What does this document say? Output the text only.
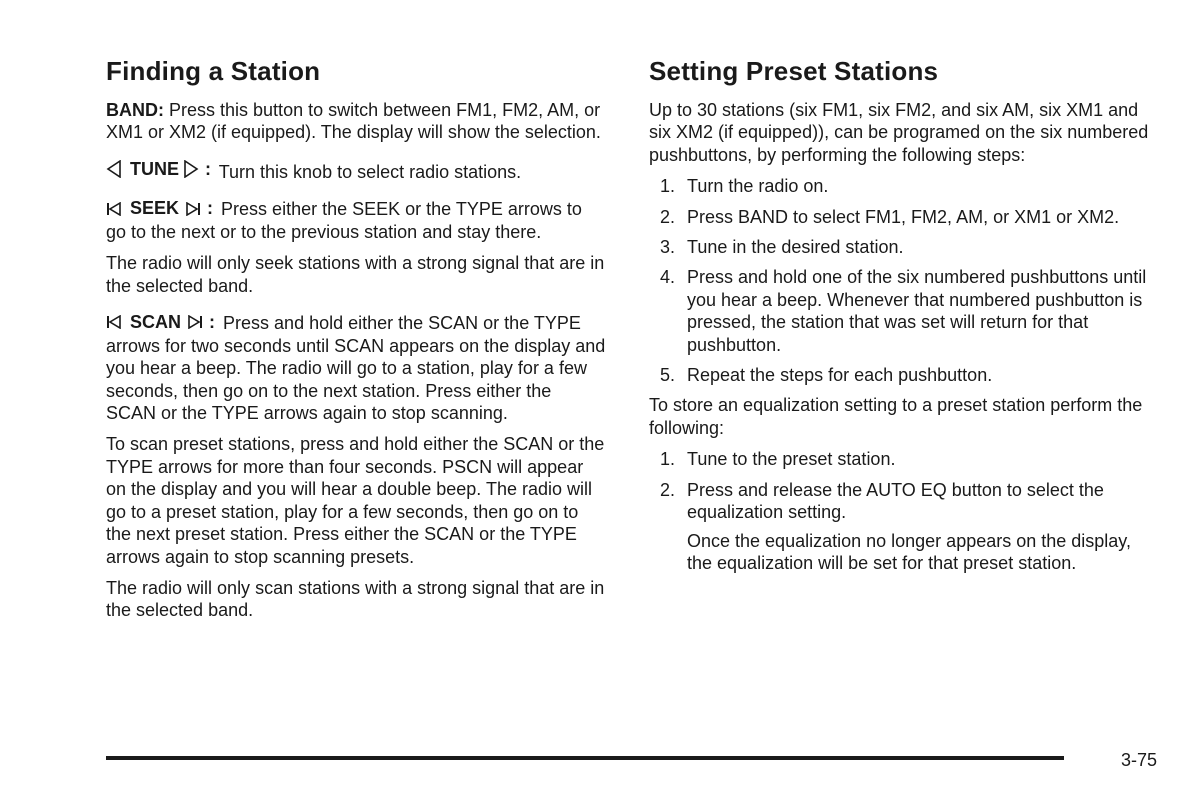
Finding a Station

BAND: Press this button to switch between FM1, FM2, AM, or XM1 or XM2 (if equipped). The display will show the selection.

TUNE : Turn this knob to select radio stations.

SEEK : Press either the SEEK or the TYPE arrows to go to the next or to the previous station and stay there.

The radio will only seek stations with a strong signal that are in the selected band.

SCAN : Press and hold either the SCAN or the TYPE arrows for two seconds until SCAN appears on the display and you hear a beep. The radio will go to a station, play for a few seconds, then go on to the next station. Press either the SCAN or the TYPE arrows again to stop scanning.

To scan preset stations, press and hold either the SCAN or the TYPE arrows for more than four seconds. PSCN will appear on the display and you will hear a double beep. The radio will go to a preset station, play for a few seconds, then go on to the next preset station. Press either the SCAN or the TYPE arrows again to stop scanning presets.

The radio will only scan stations with a strong signal that are in the selected band.

Setting Preset Stations

Up to 30 stations (six FM1, six FM2, and six AM, six XM1 and six XM2 (if equipped)), can be programed on the six numbered pushbuttons, by performing the following steps:

1. Turn the radio on.
2. Press BAND to select FM1, FM2, AM, or XM1 or XM2.
3. Tune in the desired station.
4. Press and hold one of the six numbered pushbuttons until you hear a beep. Whenever that numbered pushbutton is pressed, the station that was set will return for that pushbutton.
5. Repeat the steps for each pushbutton.

To store an equalization setting to a preset station perform the following:

1. Tune to the preset station.
2. Press and release the AUTO EQ button to select the equalization setting.

Once the equalization no longer appears on the display, the equalization will be set for that preset station.

3-75
